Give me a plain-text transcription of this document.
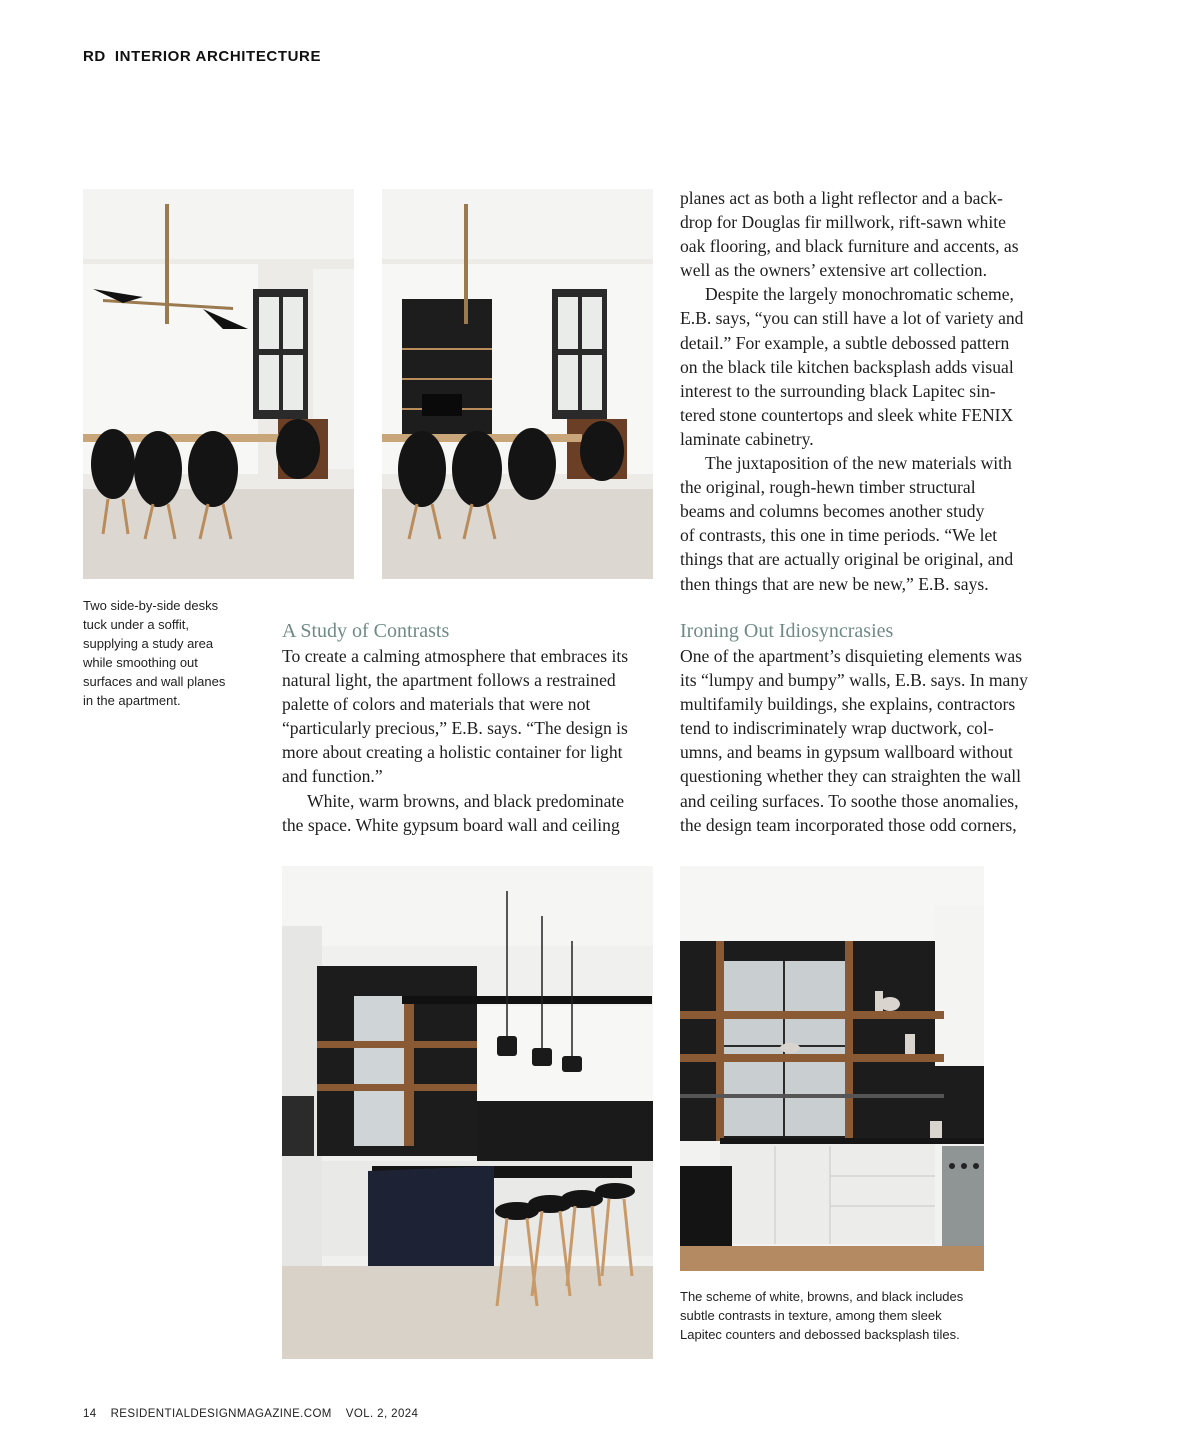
RD INTERIOR ARCHITECTURE
Two side-by-side desks
tuck under a soffit,
supplying a study area
while smoothing out
surfaces and wall planes
in the apartment.
planes act as both a light reflector and a back-
drop for Douglas fir millwork, rift-sawn white
oak flooring, and black furniture and accents, as
well as the owners’ extensive art collection.
Despite the largely monochromatic scheme,
E.B. says, “you can still have a lot of variety and
detail.” For example, a subtle debossed pattern
on the black tile kitchen backsplash adds visual
interest to the surrounding black Lapitec sin-
tered stone countertops and sleek white FENIX
laminate cabinetry.
The juxtaposition of the new materials with
the original, rough-hewn timber structural
beams and columns becomes another study
of contrasts, this one in time periods. “We let
things that are actually original be original, and
then things that are new be new,” E.B. says.
A Study of Contrasts	Ironing Out Idiosyncrasies
To create a calming atmosphere that embraces its
natural light, the apartment follows a restrained
palette of colors and materials that were not
“particularly precious,” E.B. says. “The design is
more about creating a holistic container for light
and function.”
White, warm browns, and black predominate
the space. White gypsum board wall and ceiling
One of the apartment’s disquieting elements was
its “lumpy and bumpy” walls, E.B. says. In many
multifamily buildings, she explains, contractors
tend to indiscriminately wrap ductwork, col-
umns, and beams in gypsum wallboard without
questioning whether they can straighten the wall
and ceiling surfaces. To soothe those anomalies,
the design team incorporated those odd corners,
The scheme of white, browns, and black includes
subtle contrasts in texture, among them sleek
Lapitec counters and debossed backsplash tiles.
14 RESIDENTIALDESIGNMAGAZINE.COM VOL. 2, 2024
